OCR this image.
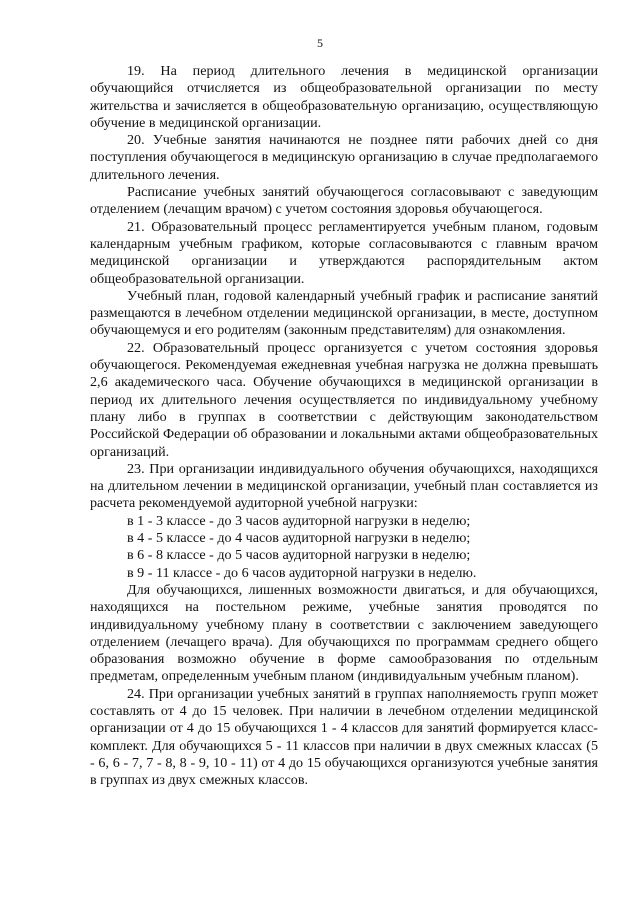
5

19. На период длительного лечения в медицинской организации обучающийся отчисляется из общеобразовательной организации по месту жительства и зачисляется в общеобразовательную организацию, осуществляющую обучение в медицинской организации.

20. Учебные занятия начинаются не позднее пяти рабочих дней со дня поступления обучающегося в медицинскую организацию в случае предполагаемого длительного лечения.

Расписание учебных занятий обучающегося согласовывают с заведующим отделением (лечащим врачом) с учетом состояния здоровья обучающегося.

21. Образовательный процесс регламентируется учебным планом, годовым календарным учебным графиком, которые согласовываются с главным врачом медицинской организации и утверждаются распорядительным актом общеобразовательной организации.

Учебный план, годовой календарный учебный график и расписание занятий размещаются в лечебном отделении медицинской организации, в месте, доступном обучающемуся и его родителям (законным представителям) для ознакомления.

22. Образовательный процесс организуется с учетом состояния здоровья обучающегося. Рекомендуемая ежедневная учебная нагрузка не должна превышать 2,6 академического часа. Обучение обучающихся в медицинской организации в период их длительного лечения осуществляется по индивидуальному учебному плану либо в группах в соответствии с действующим законодательством Российской Федерации об образовании и локальными актами общеобразовательных организаций.

23. При организации индивидуального обучения обучающихся, находящихся на длительном лечении в медицинской организации, учебный план составляется из расчета рекомендуемой аудиторной учебной нагрузки:

в 1 - 3 классе - до 3 часов аудиторной нагрузки в неделю;

в 4 - 5 классе - до 4 часов аудиторной нагрузки в неделю;

в 6 - 8 классе - до 5 часов аудиторной нагрузки в неделю;

в 9 - 11 классе - до 6 часов аудиторной нагрузки в неделю.

Для обучающихся, лишенных возможности двигаться, и для обучающихся, находящихся на постельном режиме, учебные занятия проводятся по индивидуальному учебному плану в соответствии с заключением заведующего отделением (лечащего врача). Для обучающихся по программам среднего общего образования возможно обучение в форме самообразования по отдельным предметам, определенным учебным планом (индивидуальным учебным планом).

24. При организации учебных занятий в группах наполняемость групп может составлять от 4 до 15 человек. При наличии в лечебном отделении медицинской организации от 4 до 15 обучающихся 1 - 4 классов для занятий формируется класс-комплект. Для обучающихся 5 - 11 классов при наличии в двух смежных классах (5 - 6, 6 - 7, 7 - 8, 8 - 9, 10 - 11) от 4 до 15 обучающихся организуются учебные занятия в группах из двух смежных классов.
